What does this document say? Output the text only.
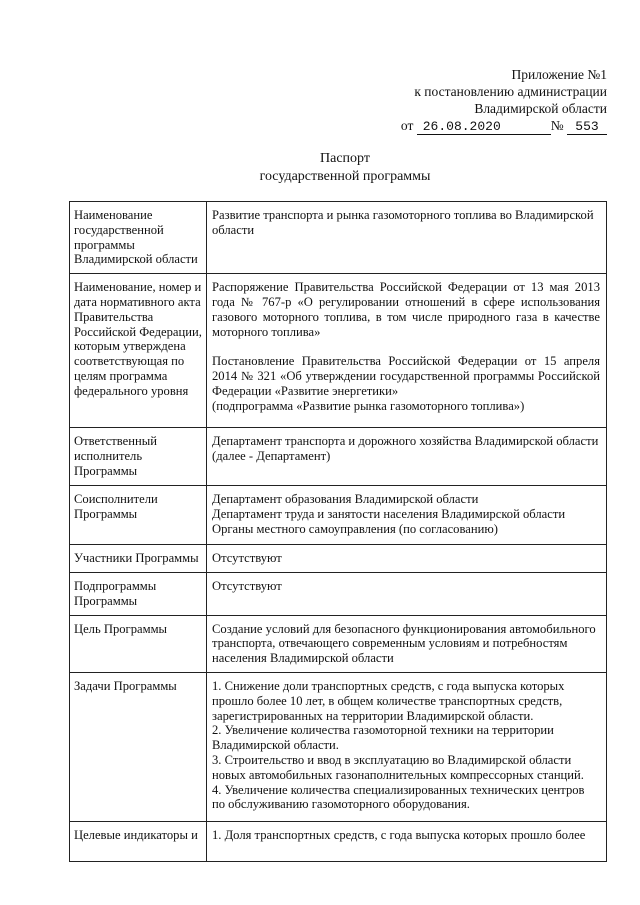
Приложение №1
к постановлению администрации
Владимирской области
от 26.08.2020	№ 553
Паспорт
государственной программы
Наименование государственной программы Владимирской области	Развитие транспорта и рынка газомоторного топлива во Владимирской области

Наименование, номер и дата нормативного акта Правительства Российской Федерации, которым утверждена соответствующая по целям программа федерального уровня	Распоряжение Правительства Российской Федерации от 13 мая 2013 года № 767-р «О регулировании отношений в сфере использования газового моторного топлива, в том числе природного газа в качестве моторного топлива»
Постановление Правительства Российской Федерации от 15 апреля 2014 № 321 «Об утверждении государственной программы Российской Федерации «Развитие энергетики»
(подпрограмма «Развитие рынка газомоторного топлива»)

Ответственный исполнитель Программы	Департамент транспорта и дорожного хозяйства Владимирской области (далее - Департамент)

Соисполнители Программы	Департамент образования Владимирской области
Департамент труда и занятости населения Владимирской области
Органы местного самоуправления (по согласованию)

Участники Программы	Отсутствуют

Подпрограммы Программы	Отсутствуют

Цель Программы	Создание условий для безопасного функционирования автомобильного транспорта, отвечающего современным условиям и потребностям населения Владимирской области

Задачи Программы	1. Снижение доли транспортных средств, с года выпуска которых прошло более 10 лет, в общем количестве транспортных средств, зарегистрированных на территории Владимирской области.
2. Увеличение количества газомоторной техники на территории Владимирской области.
3. Строительство и ввод в эксплуатацию во Владимирской области новых автомобильных газонаполнительных компрессорных станций.
4. Увеличение количества специализированных технических центров по обслуживанию газомоторного оборудования.

Целевые индикаторы и	1. Доля транспортных средств, с года выпуска которых прошло более
